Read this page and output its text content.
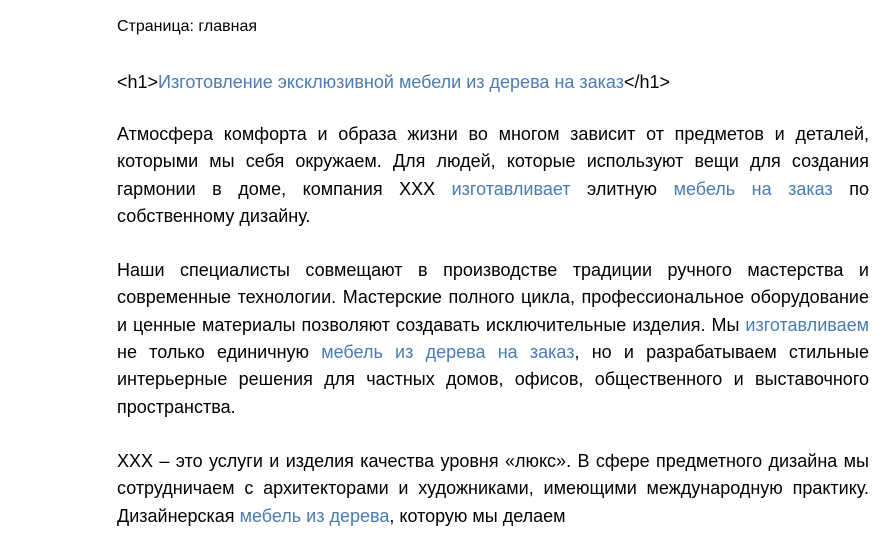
Страница: главная
<h1>Изготовление эксклюзивной мебели из дерева на заказ</h1>

Атмосфера комфорта и образа жизни во многом зависит от предметов и деталей, которыми мы себя окружаем. Для людей, которые используют вещи для создания гармонии в доме, компания XXX изготавливает элитную мебель на заказ по собственному дизайну.

Наши специалисты совмещают в производстве традиции ручного мастерства и современные технологии. Мастерские полного цикла, профессиональное оборудование и ценные материалы позволяют создавать исключительные изделия. Мы изготавливаем не только единичную мебель из дерева на заказ, но и разрабатываем стильные интерьерные решения для частных домов, офисов, общественного и выставочного пространства.

XXX – это услуги и изделия качества уровня «люкс». В сфере предметного дизайна мы сотрудничаем с архитекторами и художниками, имеющими международную практику. Дизайнерская мебель из дерева, которую мы делаем
